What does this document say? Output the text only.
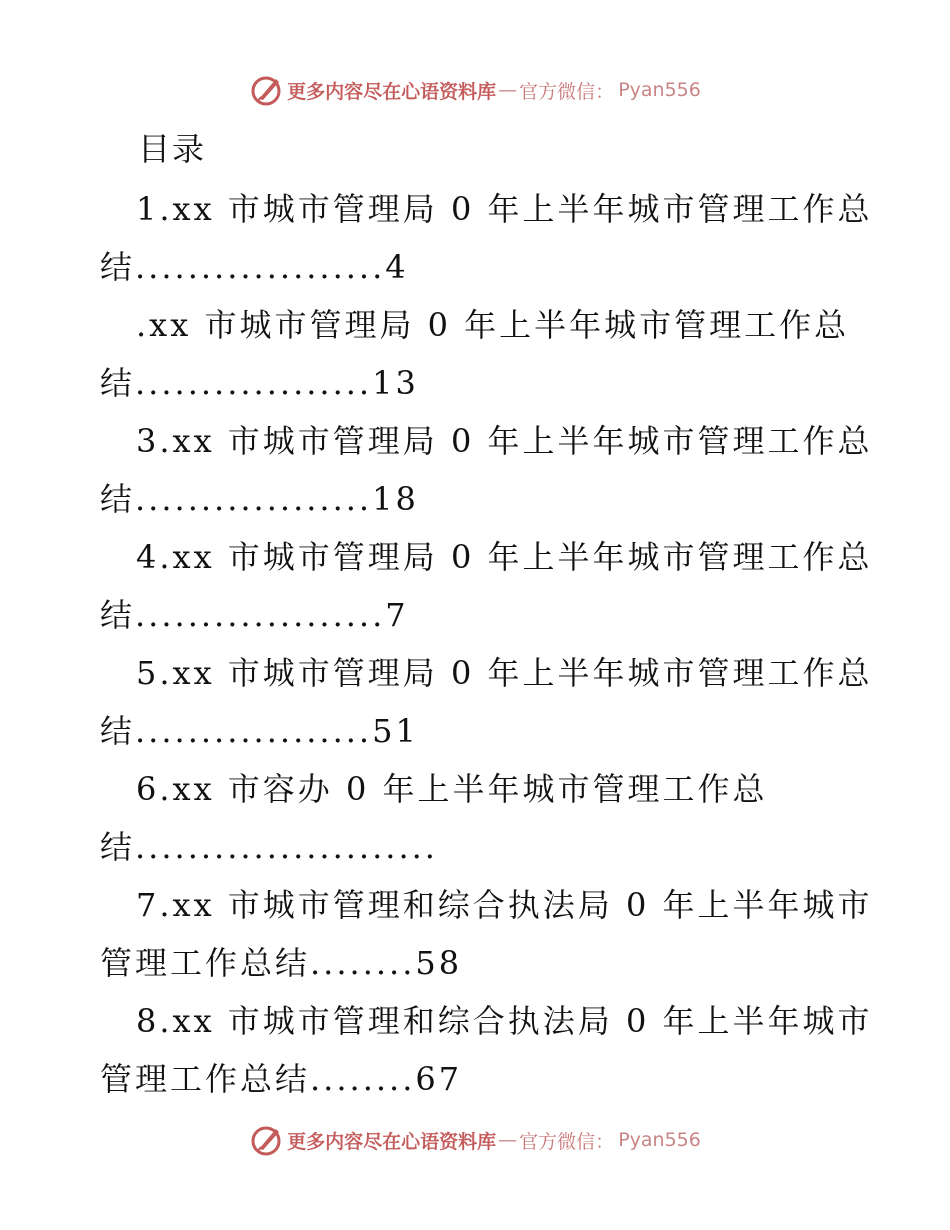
更多内容尽在心语资料库 — 官方微信： Pyan556
目录
1.xx 市城市管理局 0 年上半年城市管理工作总
结...................4
.xx 市城市管理局 0 年上半年城市管理工作总
结..................13
3.xx 市城市管理局 0 年上半年城市管理工作总
结..................18
4.xx 市城市管理局 0 年上半年城市管理工作总
结...................7
5.xx 市城市管理局 0 年上半年城市管理工作总
结..................51
6.xx 市容办 0 年上半年城市管理工作总
结.......................
7.xx 市城市管理和综合执法局 0 年上半年城市
管理工作总结........58
8.xx 市城市管理和综合执法局 0 年上半年城市
管理工作总结........67
更多内容尽在心语资料库 — 官方微信： Pyan556
